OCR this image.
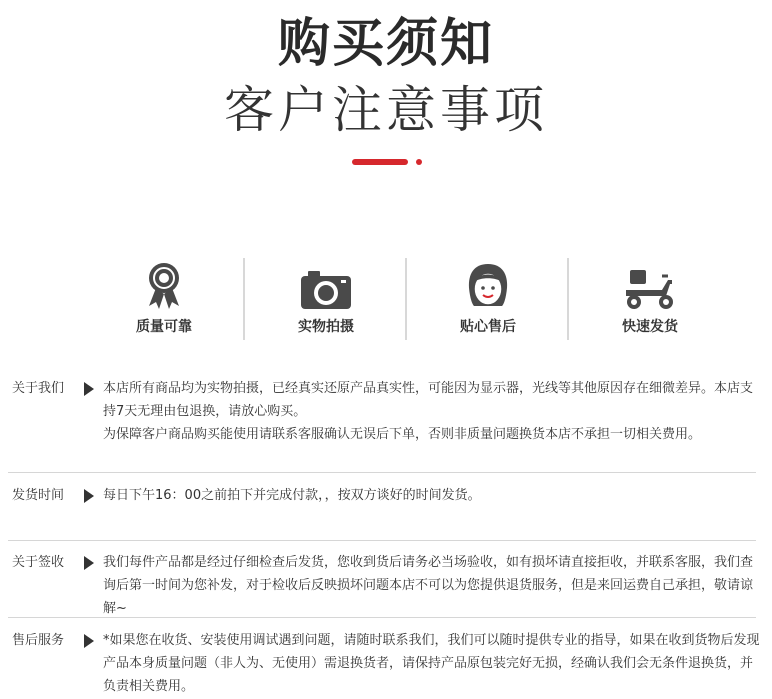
购买须知
客户注意事项
质量可靠	实物拍摄	贴心售后	快速发货
关于我们	本店所有商品均为实物拍摄，已经真实还原产品真实性，可能因为显示器，光线等其他原因存在细微差异。本店支持7天无理由包退换，请放心购买。

为保障客户商品购买能使用请联系客服确认无误后下单，否则非质量问题换货本店不承担一切相关费用。

发货时间	每日下午16：00之前拍下并完成付款，，按双方谈好的时间发货。

关于签收	我们每件产品都是经过仔细检查后发货，您收到货后请务必当场验收，如有损坏请直接拒收，并联系客服，我们查询后第一时间为您补发，对于检收后反映损坏问题本店不可以为您提供退货服务，但是来回运费自己承担，敬请谅解~

售后服务	*如果您在收货、安装使用调试遇到问题，请随时联系我们，我们可以随时提供专业的指导，如果在收到货物后发现产品本身质量问题（非人为、无使用）需退换货者，请保持产品原包装完好无损，经确认我们会无条件退换货，并负责相关费用。
